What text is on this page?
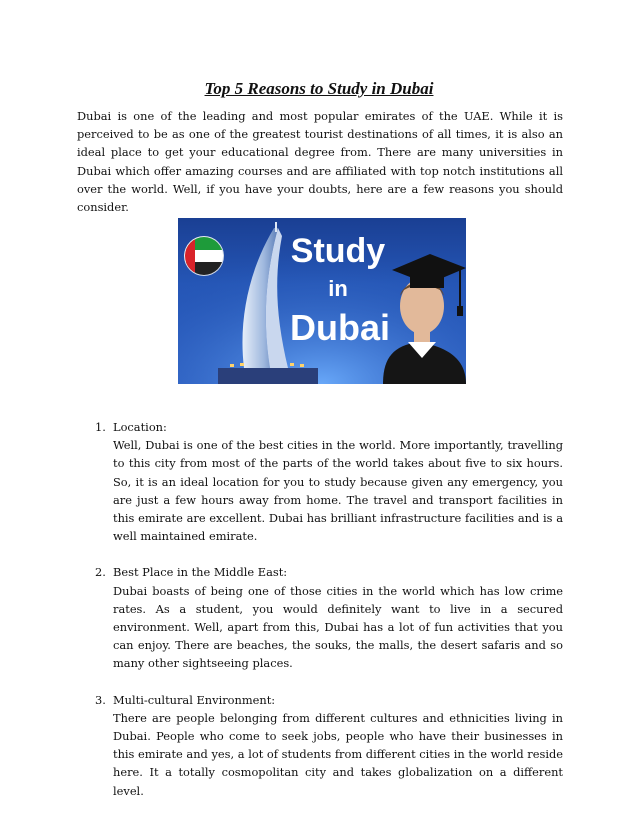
Top 5 Reasons to Study in Dubai

Dubai is one of the leading and most popular emirates of the UAE. While it is perceived to be as one of the greatest tourist destinations of all times, it is also an ideal place to get your educational degree from. There are many universities in Dubai which offer amazing courses and are affiliated with top notch institutions all over the world. Well, if you have your doubts, here are a few reasons you should consider.

Study
in
Dubai
1. Location:

Well, Dubai is one of the best cities in the world. More importantly, travelling to this city from most of the parts of the world takes about five to six hours. So, it is an ideal location for you to study because given any emergency, you are just a few hours away from home. The travel and transport facilities in this emirate are excellent. Dubai has brilliant infrastructure facilities and is a well maintained emirate.

2. Best Place in the Middle East:

Dubai boasts of being one of those cities in the world which has low crime rates. As a student, you would definitely want to live in a secured environment. Well, apart from this, Dubai has a lot of fun activities that you can enjoy. There are beaches, the souks, the malls, the desert safaris and so many other sightseeing places.

3. Multi-cultural Environment:

There are people belonging from different cultures and ethnicities living in Dubai. People who come to seek jobs, people who have their businesses in this emirate and yes, a lot of students from different cities in the world reside here. It a totally cosmopolitan city and takes globalization on a different level.
